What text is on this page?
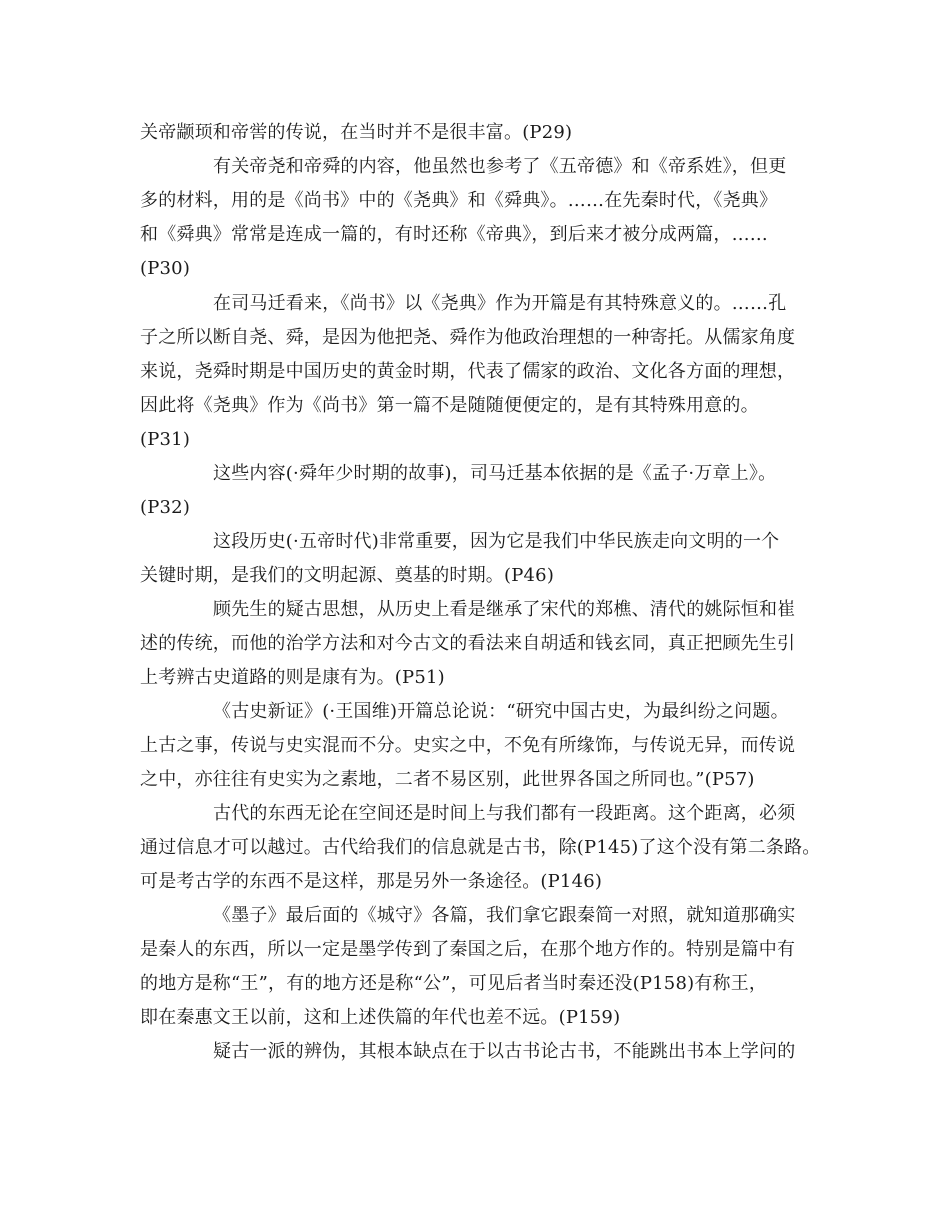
关帝颛顼和帝喾的传说，在当时并不是很丰富。(P29)
有关帝尧和帝舜的内容，他虽然也参考了《五帝德》和《帝系姓》，但更
多的材料，用的是《尚书》中的《尧典》和《舜典》。……在先秦时代，《尧典》
和《舜典》常常是连成一篇的，有时还称《帝典》，到后来才被分成两篇，……
(P30)
在司马迁看来，《尚书》以《尧典》作为开篇是有其特殊意义的。……孔
子之所以断自尧、舜，是因为他把尧、舜作为他政治理想的一种寄托。从儒家角度
来说，尧舜时期是中国历史的黄金时期，代表了儒家的政治、文化各方面的理想，
因此将《尧典》作为《尚书》第一篇不是随随便便定的，是有其特殊用意的。
(P31)
这些内容(·舜年少时期的故事)，司马迁基本依据的是《孟子·万章上》。
(P32)
这段历史(·五帝时代)非常重要，因为它是我们中华民族走向文明的一个
关键时期，是我们的文明起源、奠基的时期。(P46)
顾先生的疑古思想，从历史上看是继承了宋代的郑樵、清代的姚际恒和崔
述的传统，而他的治学方法和对今古文的看法来自胡适和钱玄同，真正把顾先生引
上考辨古史道路的则是康有为。(P51)
《古史新证》(·王国维)开篇总论说：“研究中国古史，为最纠纷之问题。
上古之事，传说与史实混而不分。史实之中，不免有所缘饰，与传说无异，而传说
之中，亦往往有史实为之素地，二者不易区别，此世界各国之所同也。”(P57)
古代的东西无论在空间还是时间上与我们都有一段距离。这个距离，必须
通过信息才可以越过。古代给我们的信息就是古书，除(P145)了这个没有第二条路。
可是考古学的东西不是这样，那是另外一条途径。(P146)
《墨子》最后面的《城守》各篇，我们拿它跟秦简一对照，就知道那确实
是秦人的东西，所以一定是墨学传到了秦国之后，在那个地方作的。特别是篇中有
的地方是称“王”，有的地方还是称“公”，可见后者当时秦还没(P158)有称王，
即在秦惠文王以前，这和上述佚篇的年代也差不远。(P159)
疑古一派的辨伪，其根本缺点在于以古书论古书，不能跳出书本上学问的
